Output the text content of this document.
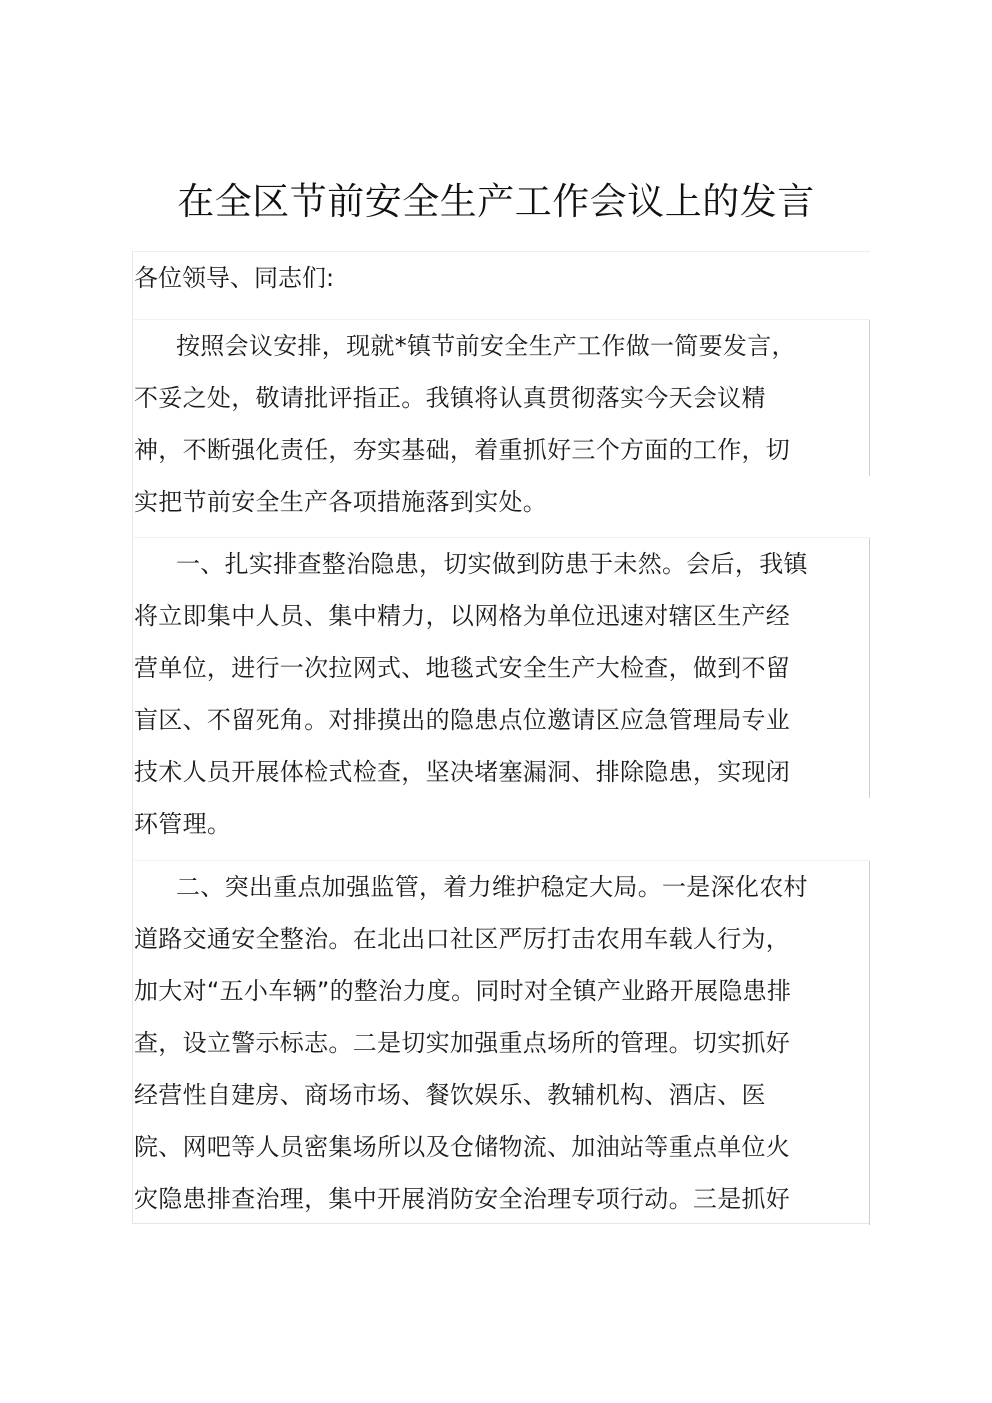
在全区节前安全生产工作会议上的发言
各位领导、同志们:
按照会议安排，现就*镇节前安全生产工作做一简要发言，
不妥之处，敬请批评指正。我镇将认真贯彻落实今天会议精
神，不断强化责任，夯实基础，着重抓好三个方面的工作，切
实把节前安全生产各项措施落到实处。
一、扎实排查整治隐患，切实做到防患于未然。会后，我镇
将立即集中人员、集中精力，以网格为单位迅速对辖区生产经
营单位，进行一次拉网式、地毯式安全生产大检查，做到不留
盲区、不留死角。对排摸出的隐患点位邀请区应急管理局专业
技术人员开展体检式检查，坚决堵塞漏洞、排除隐患，实现闭
环管理。
二、突出重点加强监管，着力维护稳定大局。一是深化农村
道路交通安全整治。在北出口社区严厉打击农用车载人行为，
加大对“五小车辆”的整治力度。同时对全镇产业路开展隐患排
查，设立警示标志。二是切实加强重点场所的管理。切实抓好
经营性自建房、商场市场、餐饮娱乐、教辅机构、酒店、医
院、网吧等人员密集场所以及仓储物流、加油站等重点单位火
灾隐患排查治理，集中开展消防安全治理专项行动。三是抓好
